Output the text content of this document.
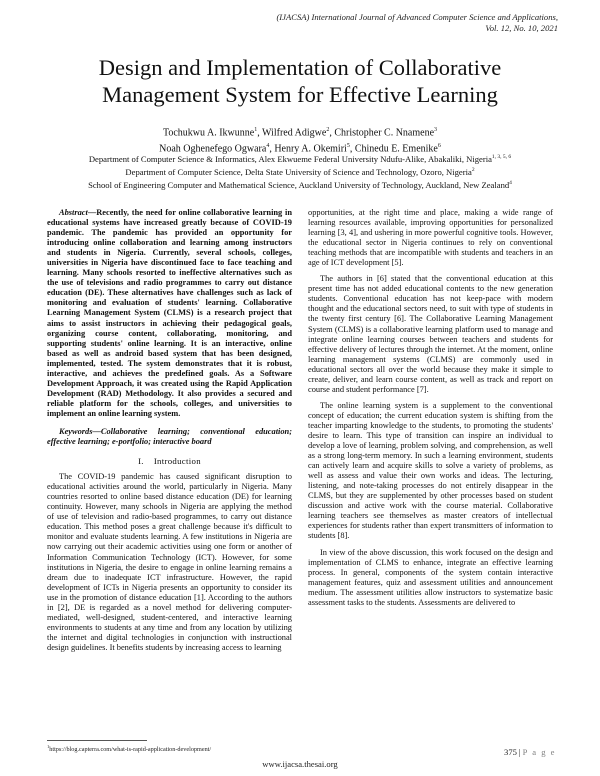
(IJACSA) International Journal of Advanced Computer Science and Applications,
Vol. 12, No. 10, 2021
Design and Implementation of Collaborative
Management System for Effective Learning
Tochukwu A. Ikwunne$^1$, Wilfred Adigwe$^2$, Christopher C. Nnamene$^3$
Noah Oghenefego Ogwara$^4$, Henry A. Okemiri$^5$, Chinedu E. Emenike$^6$
Department of Computer Science & Informatics, Alex Ekwueme Federal University Ndufu-Alike, Abakaliki, Nigeria$^{1, 3, 5, 6}$
Department of Computer Science, Delta State University of Science and Technology, Ozoro, Nigeria$^2$
School of Engineering Computer and Mathematical Science, Auckland University of Technology, Auckland, New Zealand$^4$

Abstract—Recently, the need for online collaborative learning in educational systems have increased greatly because of COVID-19 pandemic. The pandemic has provided an opportunity for introducing online collaboration and learning among instructors and students in Nigeria. Currently, several schools, colleges, universities in Nigeria have discontinued face to face teaching and learning. Many schools resorted to ineffective alternatives such as the use of televisions and radio programmes to carry out distance education (DE). These alternatives have challenges such as lack of monitoring and evaluation of students' learning. Collaborative Learning Management System (CLMS) is a research project that aims to assist instructors in achieving their pedagogical goals, organizing course content, collaborating, monitoring, and supporting students' online learning. It is an interactive, online based as well as android based system that has been designed, implemented, tested. The system demonstrates that it is robust, interactive, and achieves the predefined goals. As a Software Development Approach, it was created using the Rapid Application Development (RAD) Methodology. It also provides a secured and reliable platform for the schools, colleges, and universities to implement an online learning system.

Keywords—Collaborative learning; conventional education; effective learning; e-portfolio; interactive board

I. Introduction

The COVID-19 pandemic has caused significant disruption to educational activities around the world, particularly in Nigeria. Many countries resorted to online based distance education (DE) for learning continuity. However, many schools in Nigeria are applying the method of use of television and radio-based programmes, to carry out distance education. This method poses a great challenge because it's difficult to monitor and evaluate students learning. A few institutions in Nigeria are now carrying out their academic activities using one form or another of Information Communication Technology (ICT). However, for some institutions in Nigeria, the desire to engage in online learning remains a dream due to inadequate ICT infrastructure. However, the rapid development of ICTs in Nigeria presents an opportunity to consider its use in the promotion of distance education [1]. According to the authors in [2], DE is regarded as a novel method for delivering computer-mediated, well-designed, student-centered, and interactive learning environments to students at any time and from any location by utilizing the internet and digital technologies in conjunction with instructional design guidelines. It benefits students by increasing access to learning

opportunities, at the right time and place, making a wide range of learning resources available, improving opportunities for personalized learning [3, 4], and ushering in more powerful cognitive tools. However, the educational sector in Nigeria continues to rely on conventional teaching methods that are incompatible with students and teachers in an age of ICT development [5].

The authors in [6] stated that the conventional education at this present time has not added educational contents to the new generation students. Conventional education has not keep-pace with modern thought and the educational sectors need, to suit with type of students in the twenty first century [6]. The Collaborative Learning Management System (CLMS) is a collaborative learning platform used to manage and integrate online learning courses between teachers and students for effective delivery of lectures through the internet. At the moment, online learning management systems (CLMS) are commonly used in educational sectors all over the world because they make it simple to create, deliver, and learn course content, as well as track and report on course and student performance [7].

The online learning system is a supplement to the conventional concept of education; the current education system is shifting from the teacher imparting knowledge to the students, to promoting the students' desire to learn. This type of transition can inspire an individual to develop a love of learning, problem solving, and comprehension, as well as a strong long-term memory. In such a learning environment, students can actively learn and acquire skills to solve a variety of problems, as well as assess and value their own works and ideas. The lecturing, listening, and note-taking processes do not entirely disappear in the CLMS, but they are supplemented by other processes based on student discussion and active work with the course material. Collaborative learning teachers see themselves as master creators of intellectual experiences for students rather than expert transmitters of information to students [8].

In view of the above discussion, this work focused on the design and implementation of CLMS to enhance, integrate an effective learning process. In general, components of the system contain interactive management features, quiz and assessment utilities and announcement medium. The assessment utilities allow instructors to systematize basic assessment tasks to the students. Assessments are delivered to

$^1$https://blog.capterra.com/what-is-rapid-application-development/	375 | P a g e
www.ijacsa.thesai.org
